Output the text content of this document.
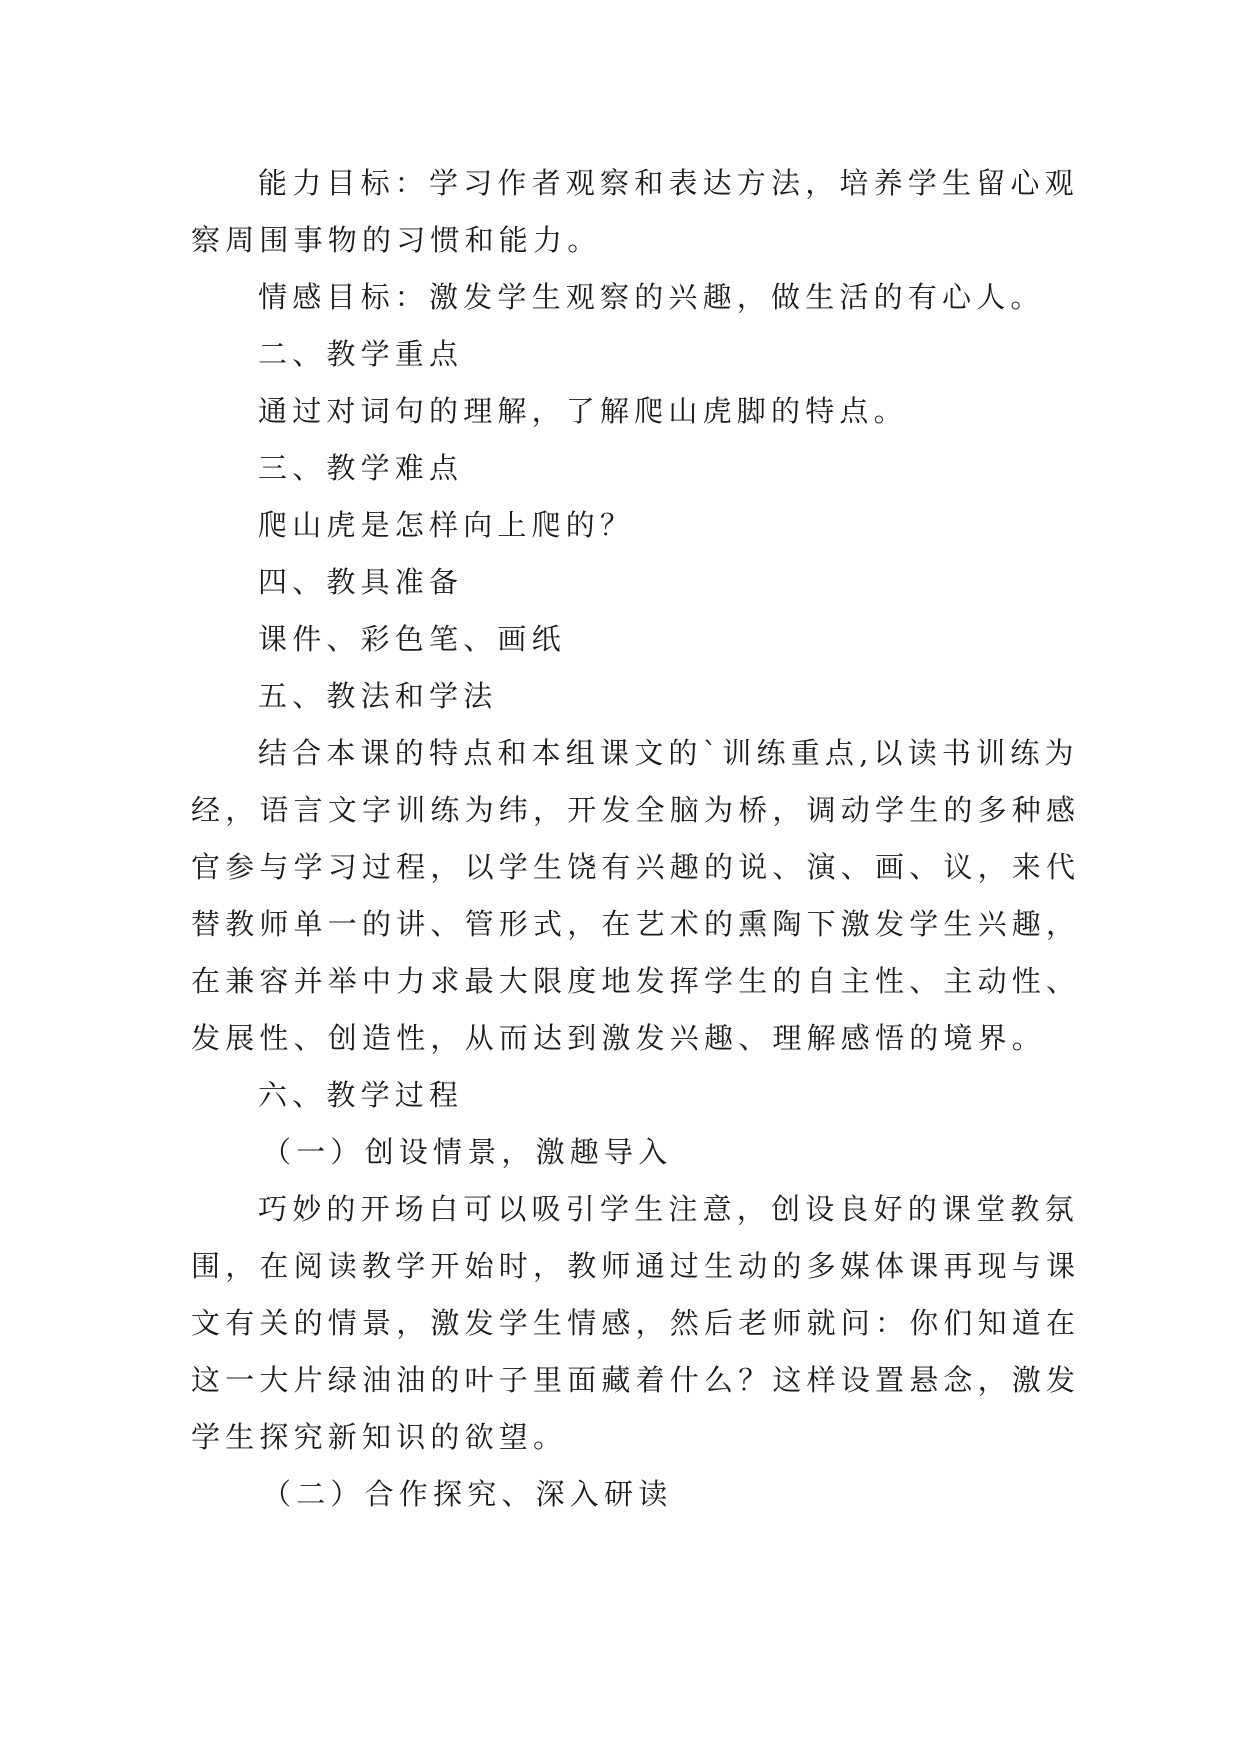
能力目标：学习作者观察和表达方法，培养学生留心观
察周围事物的习惯和能力。
情感目标：激发学生观察的兴趣，做生活的有心人。
二、教学重点
通过对词句的理解，了解爬山虎脚的特点。
三、教学难点
爬山虎是怎样向上爬的？
四、教具准备
课件、彩色笔、画纸
五、教法和学法
结合本课的特点和本组课文的`训练重点,以读书训练为
经，语言文字训练为纬，开发全脑为桥，调动学生的多种感
官参与学习过程，以学生饶有兴趣的说、演、画、议，来代
替教师单一的讲、管形式，在艺术的熏陶下激发学生兴趣，
在兼容并举中力求最大限度地发挥学生的自主性、主动性、
发展性、创造性，从而达到激发兴趣、理解感悟的境界。
六、教学过程
（一）创设情景，激趣导入
巧妙的开场白可以吸引学生注意，创设良好的课堂教氛
围，在阅读教学开始时，教师通过生动的多媒体课再现与课
文有关的情景，激发学生情感，然后老师就问：你们知道在
这一大片绿油油的叶子里面藏着什么？这样设置悬念，激发
学生探究新知识的欲望。
（二）合作探究、深入研读
